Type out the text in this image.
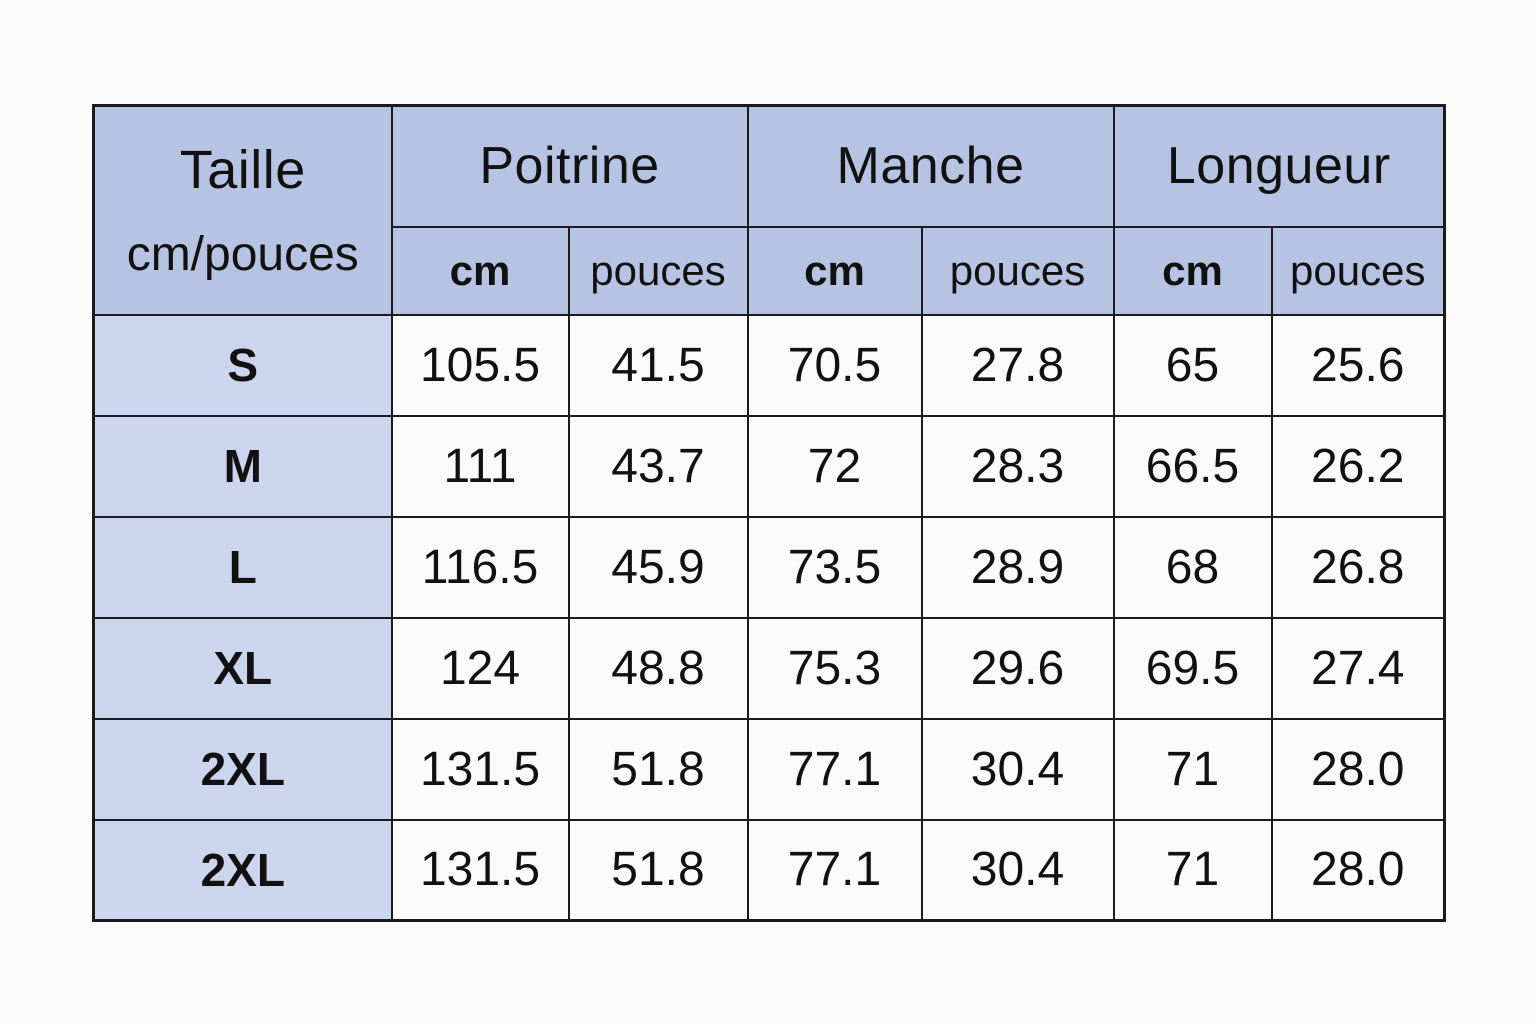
Taille
cm/pouces	Poitrine		Manche		Longueur	
	cm	pouces	cm	pouces	cm	pouces
S	105.5	41.5	70.5	27.8	65	25.6
M	111	43.7	72	28.3	66.5	26.2
L	116.5	45.9	73.5	28.9	68	26.8
XL	124	48.8	75.3	29.6	69.5	27.4
2XL	131.5	51.8	77.1	30.4	71	28.0
2XL	131.5	51.8	77.1	30.4	71	28.0
